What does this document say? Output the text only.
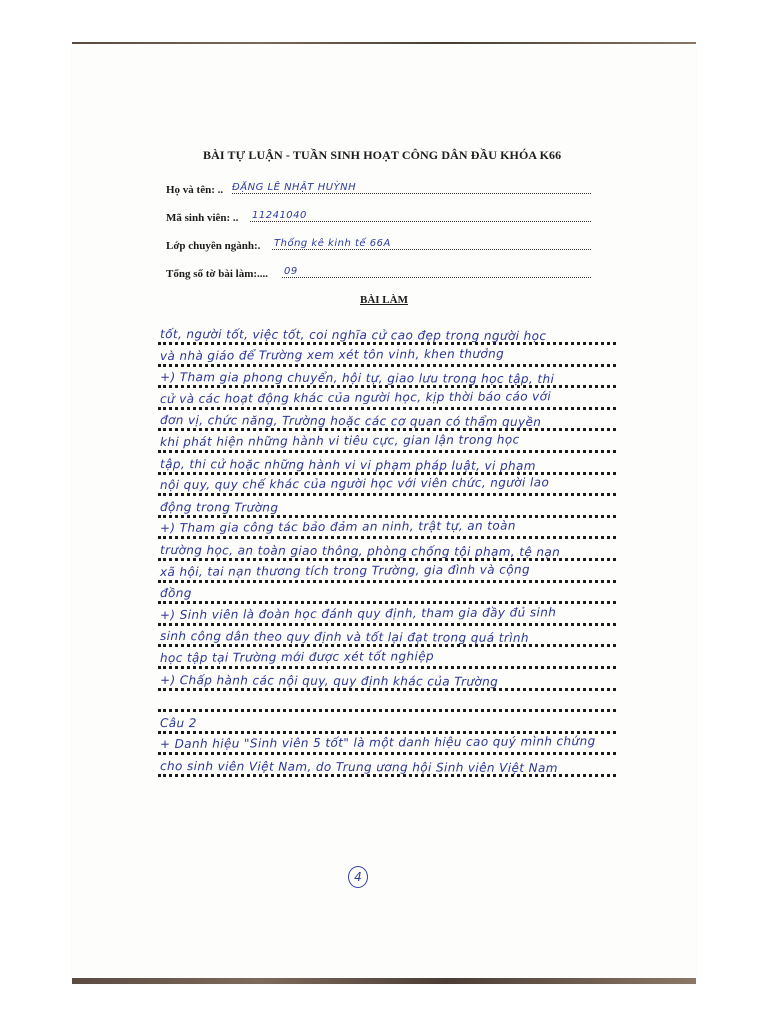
BÀI TỰ LUẬN - TUẦN SINH HOẠT CÔNG DÂN ĐẦU KHÓA K66
Họ và tên: .. ĐẶNG LÊ NHẬT HUỲNH
Mã sinh viên: .. 11241040
Lớp chuyên ngành:. Thống kê kinh tế 66A
Tổng số tờ bài làm:.... 09
BÀI LÀM
tốt, người tốt, việc tốt, coi nghĩa cử cao đẹp trong người học
và nhà giáo để Trường xem xét tôn vinh, khen thưởng
+) Tham gia phong chuyển, hội tự, giao lưu trong học tập, thi
cử và các hoạt động khác của người học, kịp thời báo cáo với
đơn vị, chức năng, Trường hoặc các cơ quan có thẩm quyền
khi phát hiện những hành vi tiêu cực, gian lận trong học
tập, thi cử hoặc những hành vi vi phạm pháp luật, vi phạm
nội quy, quy chế khác của người học với viên chức, người lao
động trong Trường
+) Tham gia công tác bảo đảm an ninh, trật tự, an toàn
trường học, an toàn giao thông, phòng chống tội phạm, tệ nạn
xã hội, tai nạn thương tích trong Trường, gia đình và cộng
đồng
+) Sinh viên là đoàn học đánh quy định, tham gia đầy đủ sinh
sinh công dân theo quy định và tốt lại đạt trong quá trình
học tập tại Trường mới được xét tốt nghiệp
+) Chấp hành các nội quy, quy định khác của Trường
Câu 2
+ Danh hiệu "Sinh viên 5 tốt" là một danh hiệu cao quý mình chứng
cho sinh viên Việt Nam, do Trung ương hội Sinh viên Việt Nam
4
